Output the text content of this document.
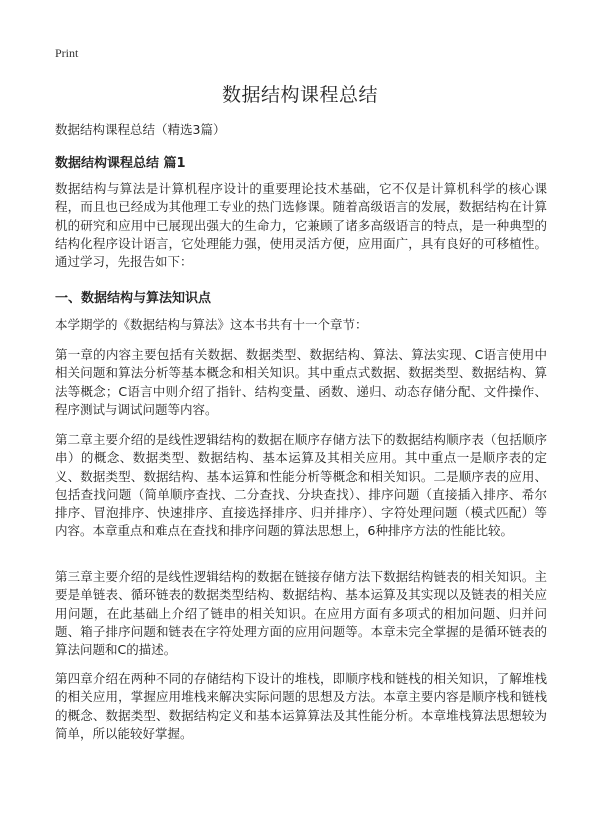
Print
数据结构课程总结

数据结构课程总结（精选3篇）

数据结构课程总结 篇1

数据结构与算法是计算机程序设计的重要理论技术基础，它不仅是计算机科学的核心课程，而且也已经成为其他理工专业的热门选修课。随着高级语言的发展，数据结构在计算机的研究和应用中已展现出强大的生命力，它兼顾了诸多高级语言的特点，是一种典型的结构化程序设计语言，它处理能力强，使用灵活方便，应用面广，具有良好的可移植性。通过学习，先报告如下：

一、数据结构与算法知识点

本学期学的《数据结构与算法》这本书共有十一个章节：

第一章的内容主要包括有关数据、数据类型、数据结构、算法、算法实现、C语言使用中相关问题和算法分析等基本概念和相关知识。其中重点式数据、数据类型、数据结构、算法等概念；C语言中则介绍了指针、结构变量、函数、递归、动态存储分配、文件操作、程序测试与调试问题等内容。

第二章主要介绍的是线性逻辑结构的数据在顺序存储方法下的数据结构顺序表（包括顺序串）的概念、数据类型、数据结构、基本运算及其相关应用。其中重点一是顺序表的定义、数据类型、数据结构、基本运算和性能分析等概念和相关知识。二是顺序表的应用、包括查找问题（简单顺序查找、二分查找、分块查找）、排序问题（直接插入排序、希尔排序、冒泡排序、快速排序、直接选择排序、归并排序）、字符处理问题（模式匹配）等内容。本章重点和难点在查找和排序问题的算法思想上，6种排序方法的性能比较。

第三章主要介绍的是线性逻辑结构的数据在链接存储方法下数据结构链表的相关知识。主要是单链表、循环链表的数据类型结构、数据结构、基本运算及其实现以及链表的相关应用问题，在此基础上介绍了链串的相关知识。在应用方面有多项式的相加问题、归并问题、箱子排序问题和链表在字符处理方面的应用问题等。本章未完全掌握的是循环链表的算法问题和C的描述。

第四章介绍在两种不同的存储结构下设计的堆栈，即顺序栈和链栈的相关知识，了解堆栈的相关应用，掌握应用堆栈来解决实际问题的思想及方法。本章主要内容是顺序栈和链栈的概念、数据类型、数据结构定义和基本运算算法及其性能分析。本章堆栈算法思想较为简单，所以能较好掌握。
